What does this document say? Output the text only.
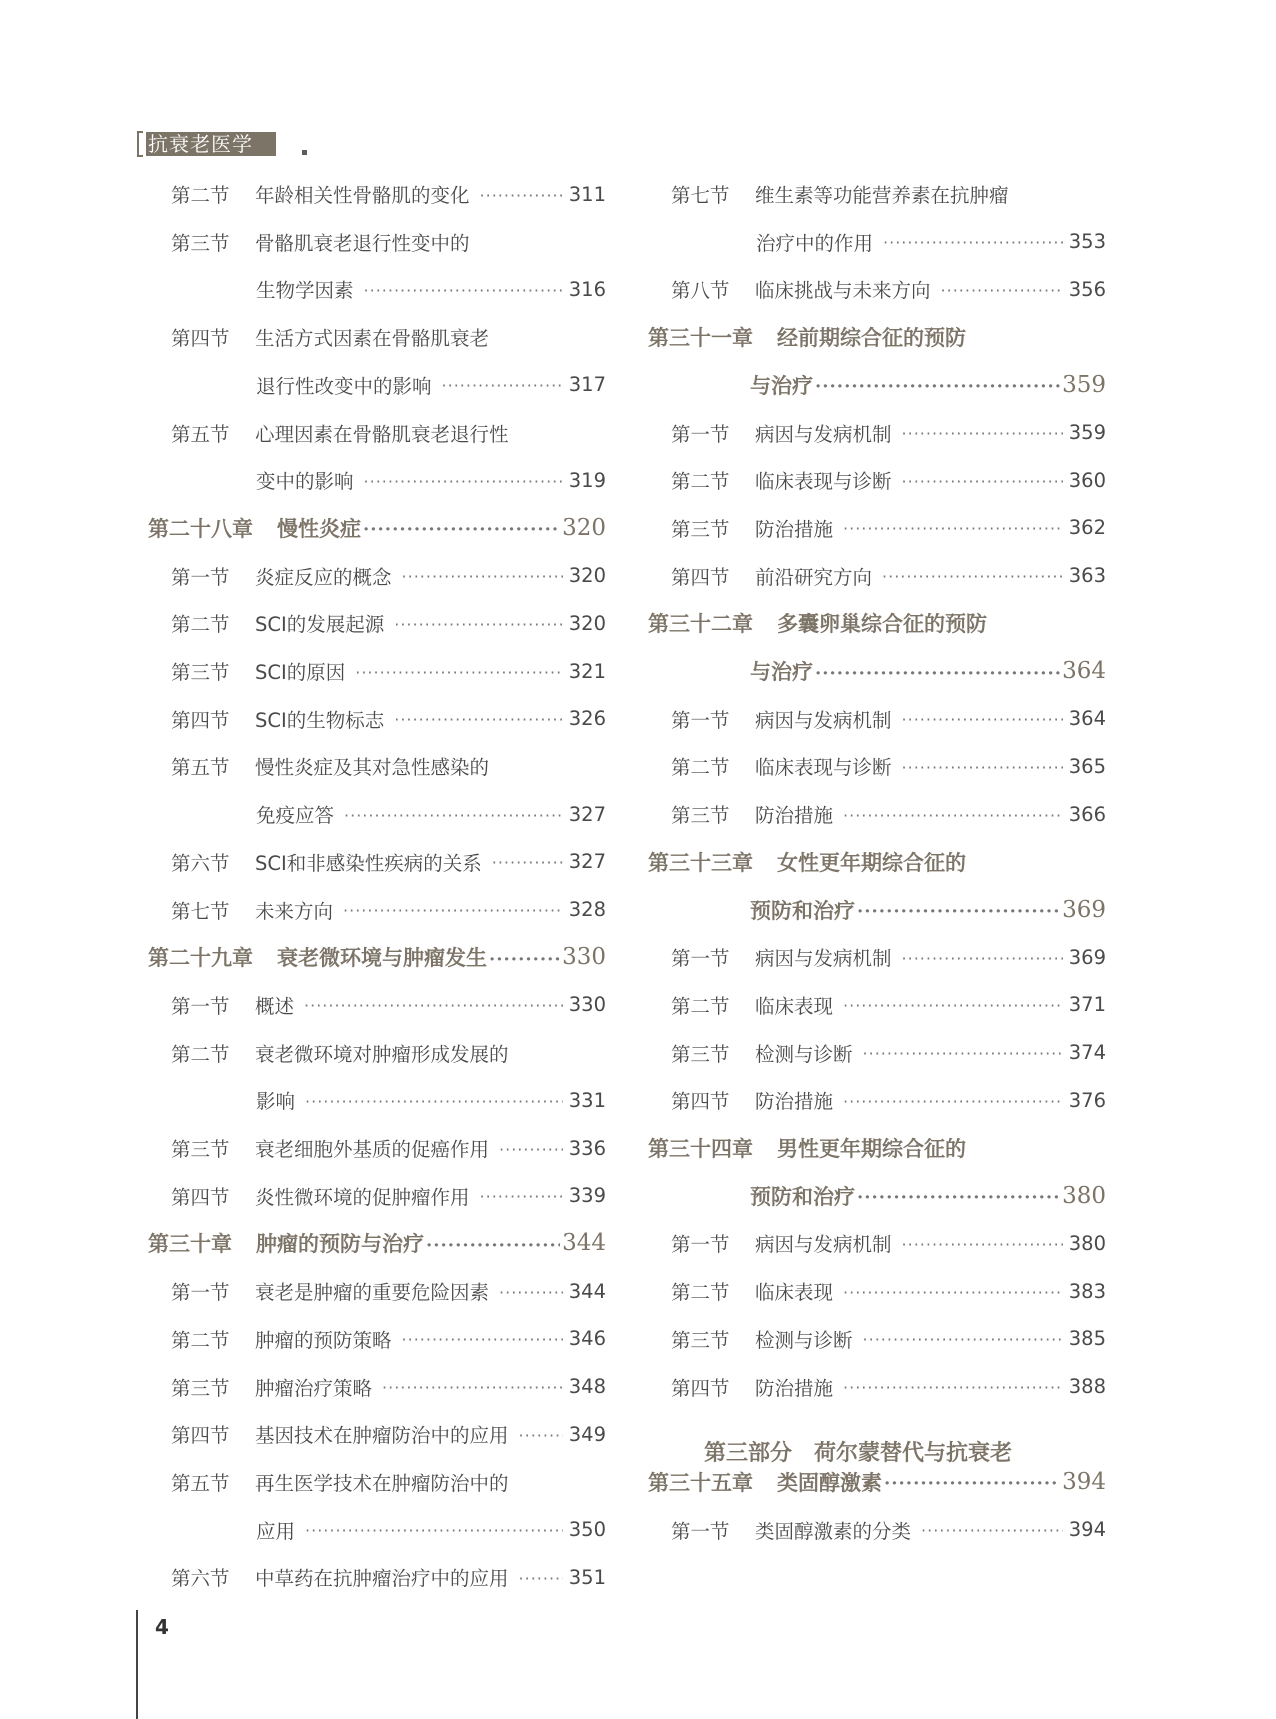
抗衰老医学
第二节	年龄相关性骨骼肌的变化 ·····	311
第三节	骨骼肌衰老退行性变中的
生物学因素 ·····	316
第四节	生活方式因素在骨骼肌衰老
退行性改变中的影响 ·····	317
第五节	心理因素在骨骼肌衰老退行性
变中的影响 ·····	319
第二十八章 慢性炎症 ·····	320
第一节	炎症反应的概念 ·····	320
第二节	SCI的发展起源 ·····	320
第三节	SCI的原因 ·····	321
第四节	SCI的生物标志 ·····	326
第五节	慢性炎症及其对急性感染的
免疫应答 ·····	327
第六节	SCI和非感染性疾病的关系 ·····	327
第七节	未来方向 ·····	328
第二十九章 衰老微环境与肿瘤发生 ·····	330
第一节	概述 ·····	330
第二节	衰老微环境对肿瘤形成发展的
影响 ·····	331
第三节	衰老细胞外基质的促癌作用 ·····	336
第四节	炎性微环境的促肿瘤作用 ·····	339
第三十章 肿瘤的预防与治疗 ·····	344
第一节	衰老是肿瘤的重要危险因素 ·····	344
第二节	肿瘤的预防策略 ·····	346
第三节	肿瘤治疗策略 ·····	348
第四节	基因技术在肿瘤防治中的应用 ·····	349
第五节	再生医学技术在肿瘤防治中的
应用 ·····	350
第六节	中草药在抗肿瘤治疗中的应用 ·····	351
第七节	维生素等功能营养素在抗肿瘤
治疗中的作用 ·····	353
第八节	临床挑战与未来方向 ·····	356
第三十一章 经前期综合征的预防
与治疗 ·····	359
第一节	病因与发病机制 ·····	359
第二节	临床表现与诊断 ·····	360
第三节	防治措施 ·····	362
第四节	前沿研究方向 ·····	363
第三十二章 多囊卵巢综合征的预防
与治疗 ·····	364
第一节	病因与发病机制 ·····	364
第二节	临床表现与诊断 ·····	365
第三节	防治措施 ·····	366
第三十三章 女性更年期综合征的
预防和治疗 ·····	369
第一节	病因与发病机制 ·····	369
第二节	临床表现 ·····	371
第三节	检测与诊断 ·····	374
第四节	防治措施 ·····	376
第三十四章 男性更年期综合征的
预防和治疗 ·····	380
第一节	病因与发病机制 ·····	380
第二节	临床表现 ·····	383
第三节	检测与诊断 ·····	385
第四节	防治措施 ·····	388
第三部分　荷尔蒙替代与抗衰老
第三十五章 类固醇激素 ·····	394
第一节	类固醇激素的分类 ·····	394
4
